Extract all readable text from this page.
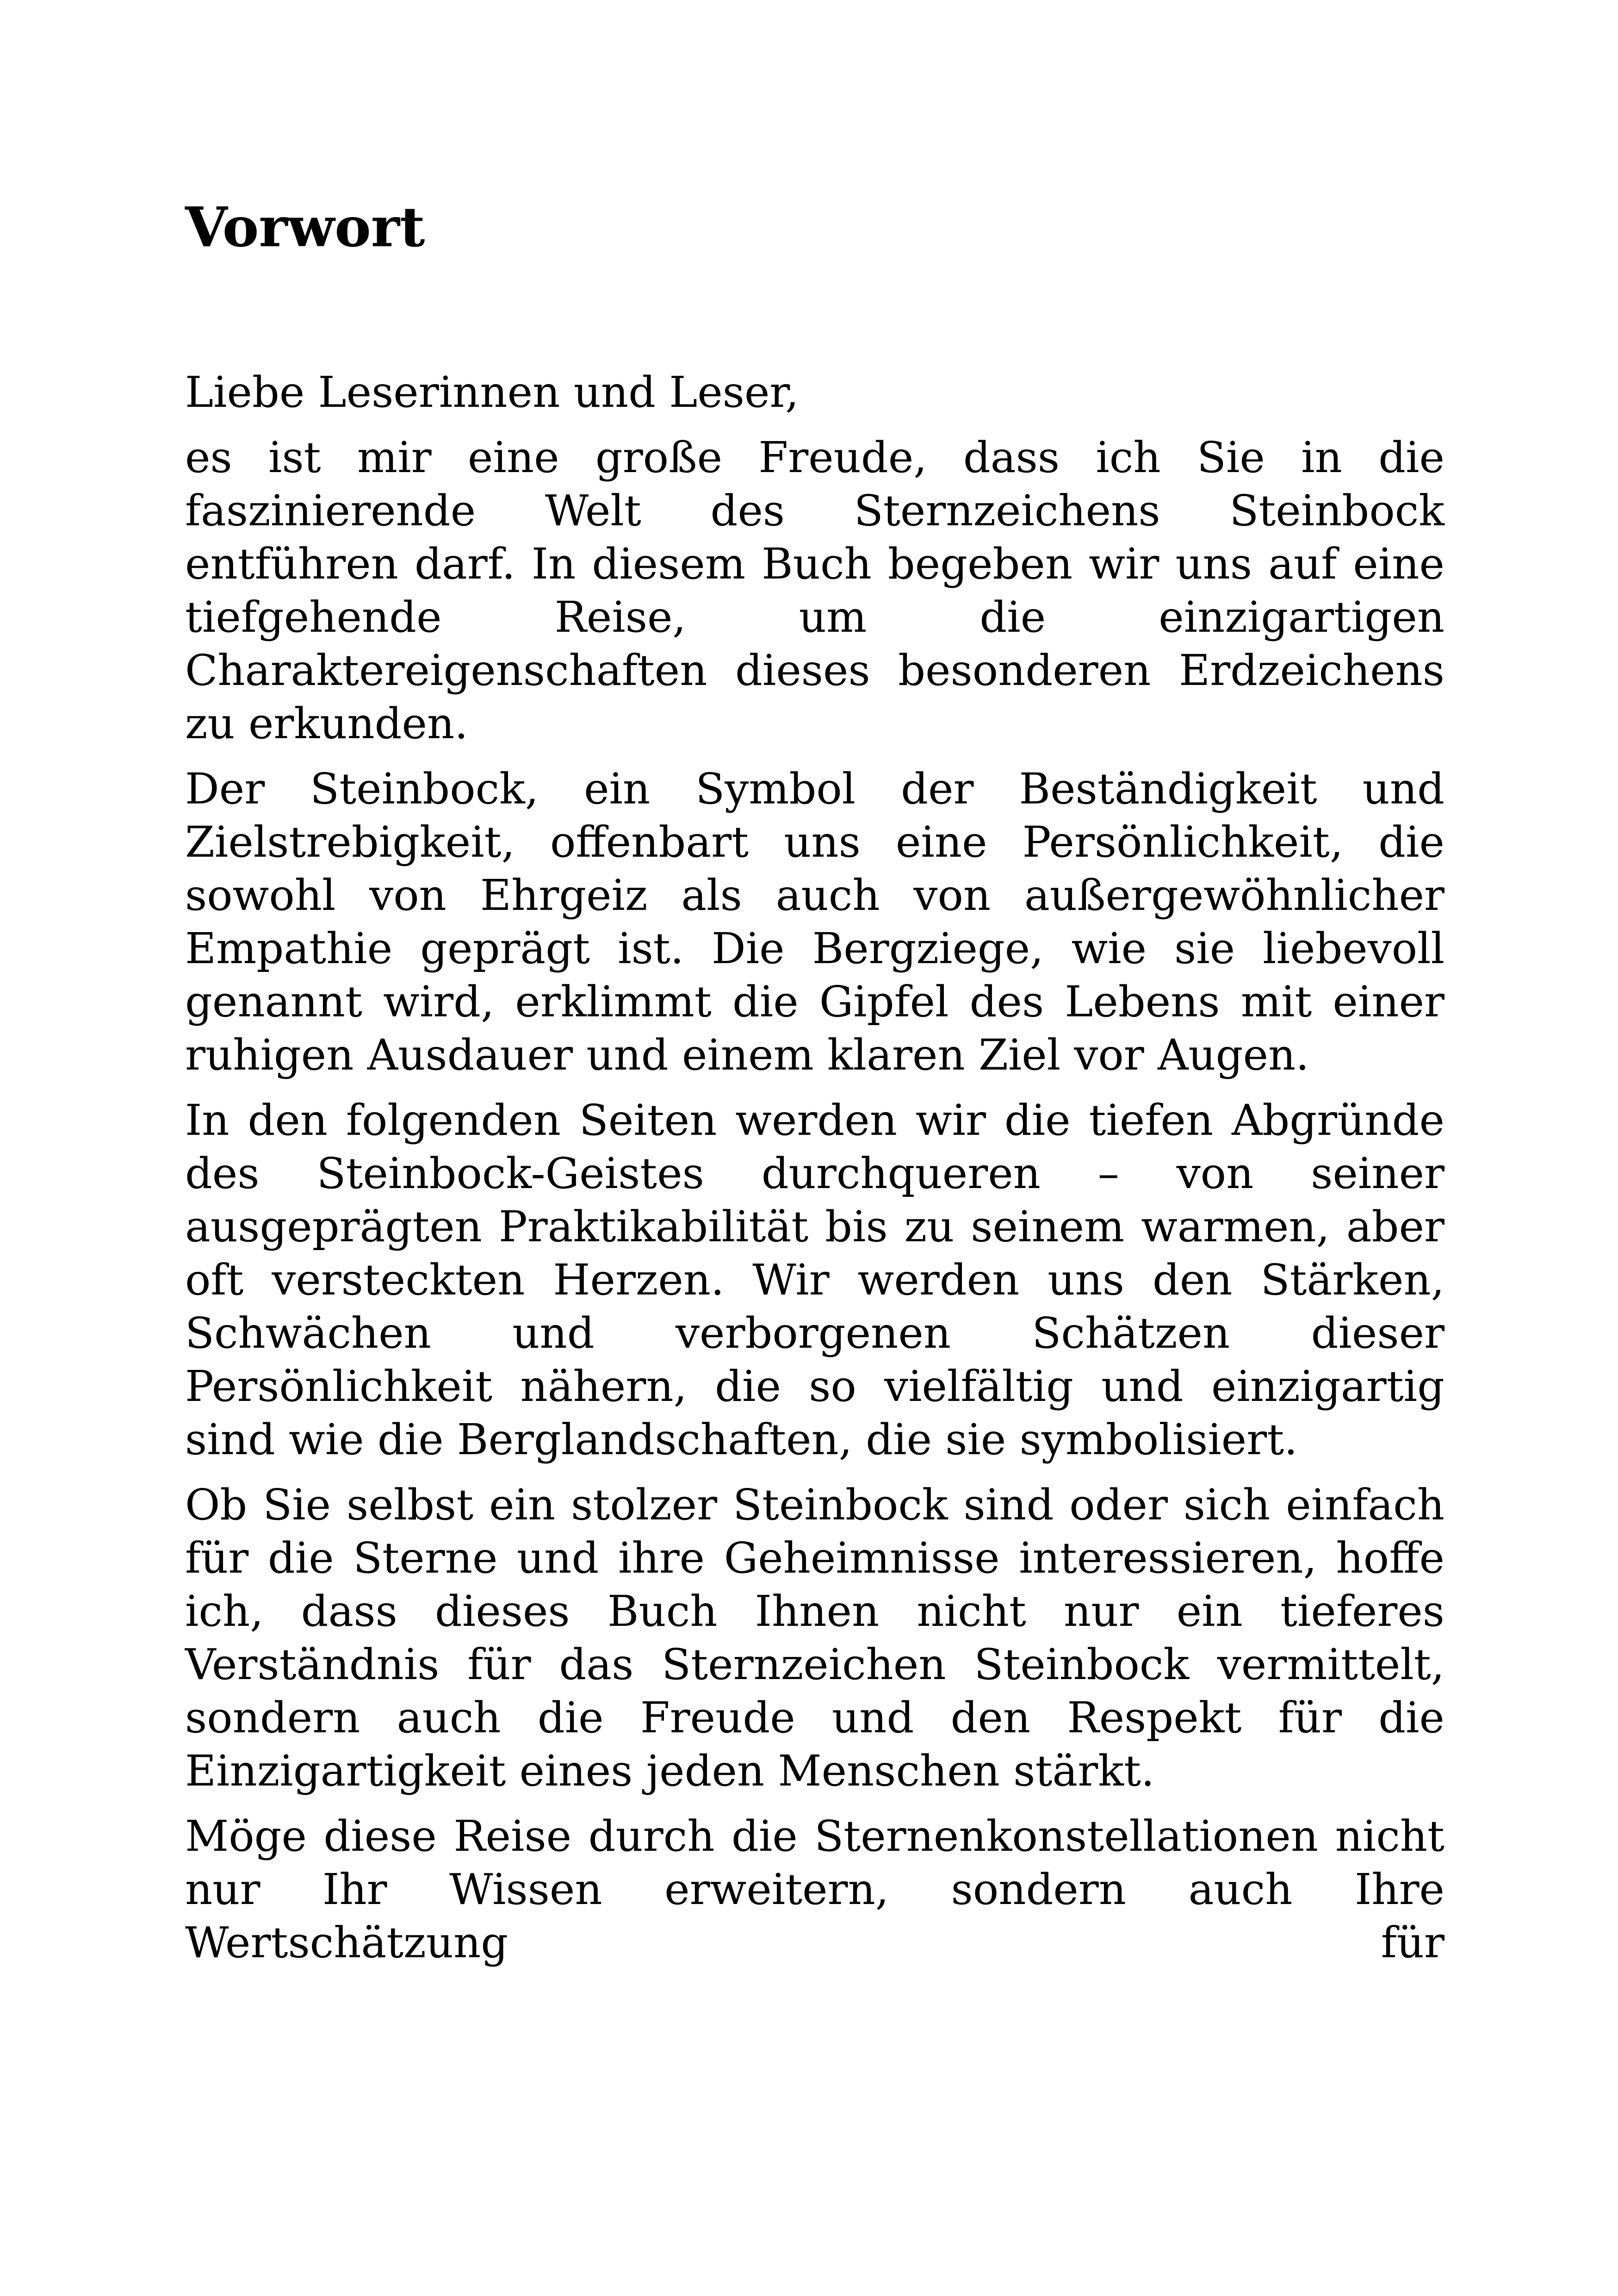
Vorwort

Liebe Leserinnen und Leser,

es ist mir eine große Freude, dass ich Sie in die faszinierende Welt des Sternzeichens Steinbock entführen darf. In diesem Buch begeben wir uns auf eine tiefgehende Reise, um die einzigartigen Charaktereigenschaften dieses besonderen Erdzeichens zu erkunden.

Der Steinbock, ein Symbol der Beständigkeit und Zielstrebigkeit, offenbart uns eine Persönlichkeit, die sowohl von Ehrgeiz als auch von außergewöhnlicher Empathie geprägt ist. Die Bergziege, wie sie liebevoll genannt wird, erklimmt die Gipfel des Lebens mit einer ruhigen Ausdauer und einem klaren Ziel vor Augen.

In den folgenden Seiten werden wir die tiefen Abgründe des Steinbock-Geistes durchqueren – von seiner ausgeprägten Praktikabilität bis zu seinem warmen, aber oft versteckten Herzen. Wir werden uns den Stärken, Schwächen und verborgenen Schätzen dieser Persönlichkeit nähern, die so vielfältig und einzigartig sind wie die Berglandschaften, die sie symbolisiert.

Ob Sie selbst ein stolzer Steinbock sind oder sich einfach für die Sterne und ihre Geheimnisse interessieren, hoffe ich, dass dieses Buch Ihnen nicht nur ein tieferes Verständnis für das Sternzeichen Steinbock vermittelt, sondern auch die Freude und den Respekt für die Einzigartigkeit eines jeden Menschen stärkt.

Möge diese Reise durch die Sternenkonstellationen nicht nur Ihr Wissen erweitern, sondern auch Ihre Wertschätzung für
